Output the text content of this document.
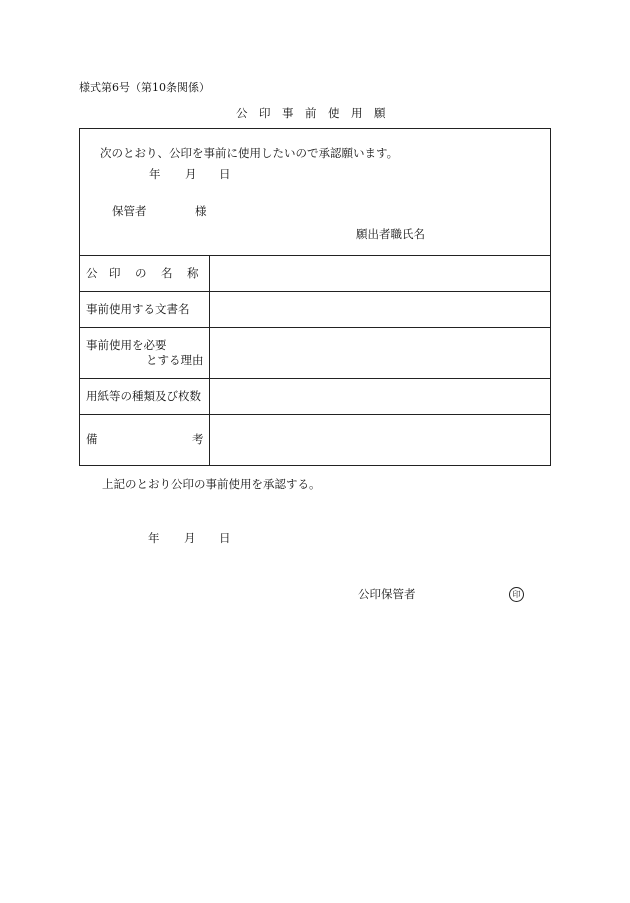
様式第6号（第10条関係）
公 印 事 前 使 用 願
次のとおり、公印を事前に使用したいので承認願います。
年 月 日
保管者	様
願出者職氏名
公 印 の 名 称
事前使用する文書名
事前使用を必要
とする理由
用紙等の種類及び枚数
備	考
上記のとおり公印の事前使用を承認する。
年 月 日
公印保管者	印
